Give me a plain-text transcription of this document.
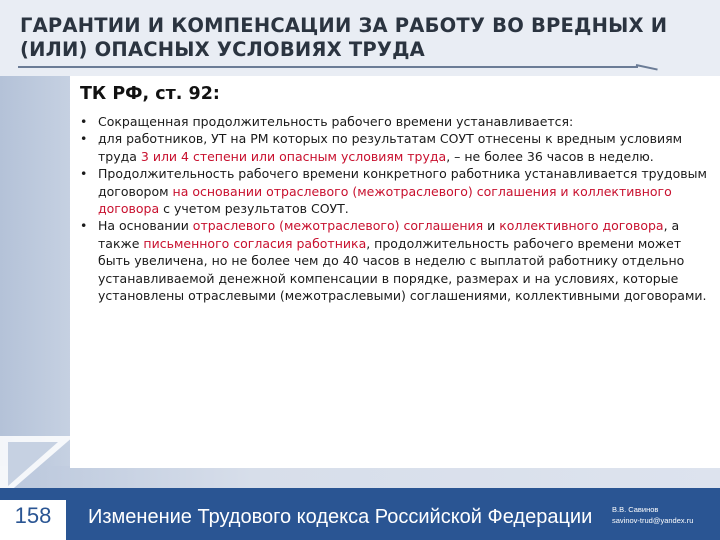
ГАРАНТИИ И КОМПЕНСАЦИИ ЗА РАБОТУ ВО ВРЕДНЫХ И (ИЛИ) ОПАСНЫХ УСЛОВИЯХ ТРУДА
ТК РФ, ст. 92:
• Сокращенная продолжительность рабочего времени устанавливается:
• для работников, УТ на РМ которых по результатам СОУТ отнесены к вредным условиям труда 3 или 4 степени или опасным условиям труда, – не более 36 часов в неделю.
• Продолжительность рабочего времени конкретного работника устанавливается трудовым договором на основании отраслевого (межотраслевого) соглашения и коллективного договора с учетом результатов СОУТ.
• На основании отраслевого (межотраслевого) соглашения и коллективного договора, а также письменного согласия работника, продолжительность рабочего времени может быть увеличена, но не более чем до 40 часов в неделю с выплатой работнику отдельно устанавливаемой денежной компенсации в порядке, размерах и на условиях, которые установлены отраслевыми (межотраслевыми) соглашениями, коллективными договорами.
158	Изменение Трудового кодекса Российской Федерации	В.В. Савинов
savinov-trud@yandex.ru
